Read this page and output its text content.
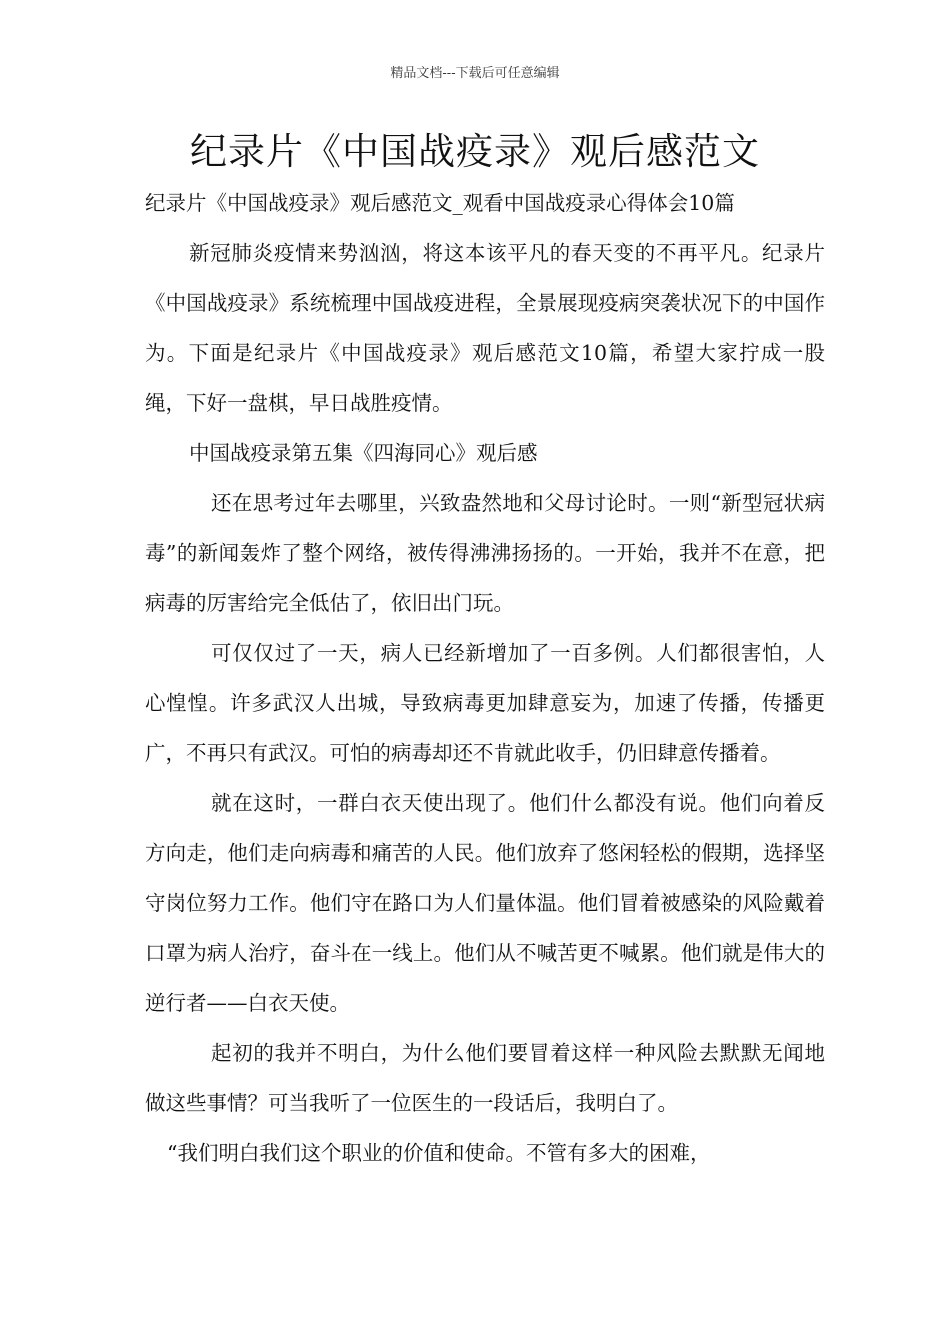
精品文档---下载后可任意编辑
纪录片《中国战疫录》观后感范文

纪录片《中国战疫录》观后感范文_观看中国战疫录心得体会10篇

新冠肺炎疫情来势汹汹，将这本该平凡的春天变的不再平凡。纪录片《中国战疫录》系统梳理中国战疫进程，全景展现疫病突袭状况下的中国作为。下面是纪录片《中国战疫录》观后感范文10篇，希望大家拧成一股绳，下好一盘棋，早日战胜疫情。

中国战疫录第五集《四海同心》观后感

还在思考过年去哪里，兴致盎然地和父母讨论时。一则“新型冠状病毒”的新闻轰炸了整个网络，被传得沸沸扬扬的。一开始，我并不在意，把病毒的厉害给完全低估了，依旧出门玩。

可仅仅过了一天，病人已经新增加了一百多例。人们都很害怕，人心惶惶。许多武汉人出城，导致病毒更加肆意妄为，加速了传播，传播更广，不再只有武汉。可怕的病毒却还不肯就此收手，仍旧肆意传播着。

就在这时，一群白衣天使出现了。他们什么都没有说。他们向着反方向走，他们走向病毒和痛苦的人民。他们放弃了悠闲轻松的假期，选择坚守岗位努力工作。他们守在路口为人们量体温。他们冒着被感染的风险戴着口罩为病人治疗，奋斗在一线上。他们从不喊苦更不喊累。他们就是伟大的逆行者——白衣天使。

起初的我并不明白，为什么他们要冒着这样一种风险去默默无闻地做这些事情？可当我听了一位医生的一段话后，我明白了。

“我们明白我们这个职业的价值和使命。不管有多大的困难，
